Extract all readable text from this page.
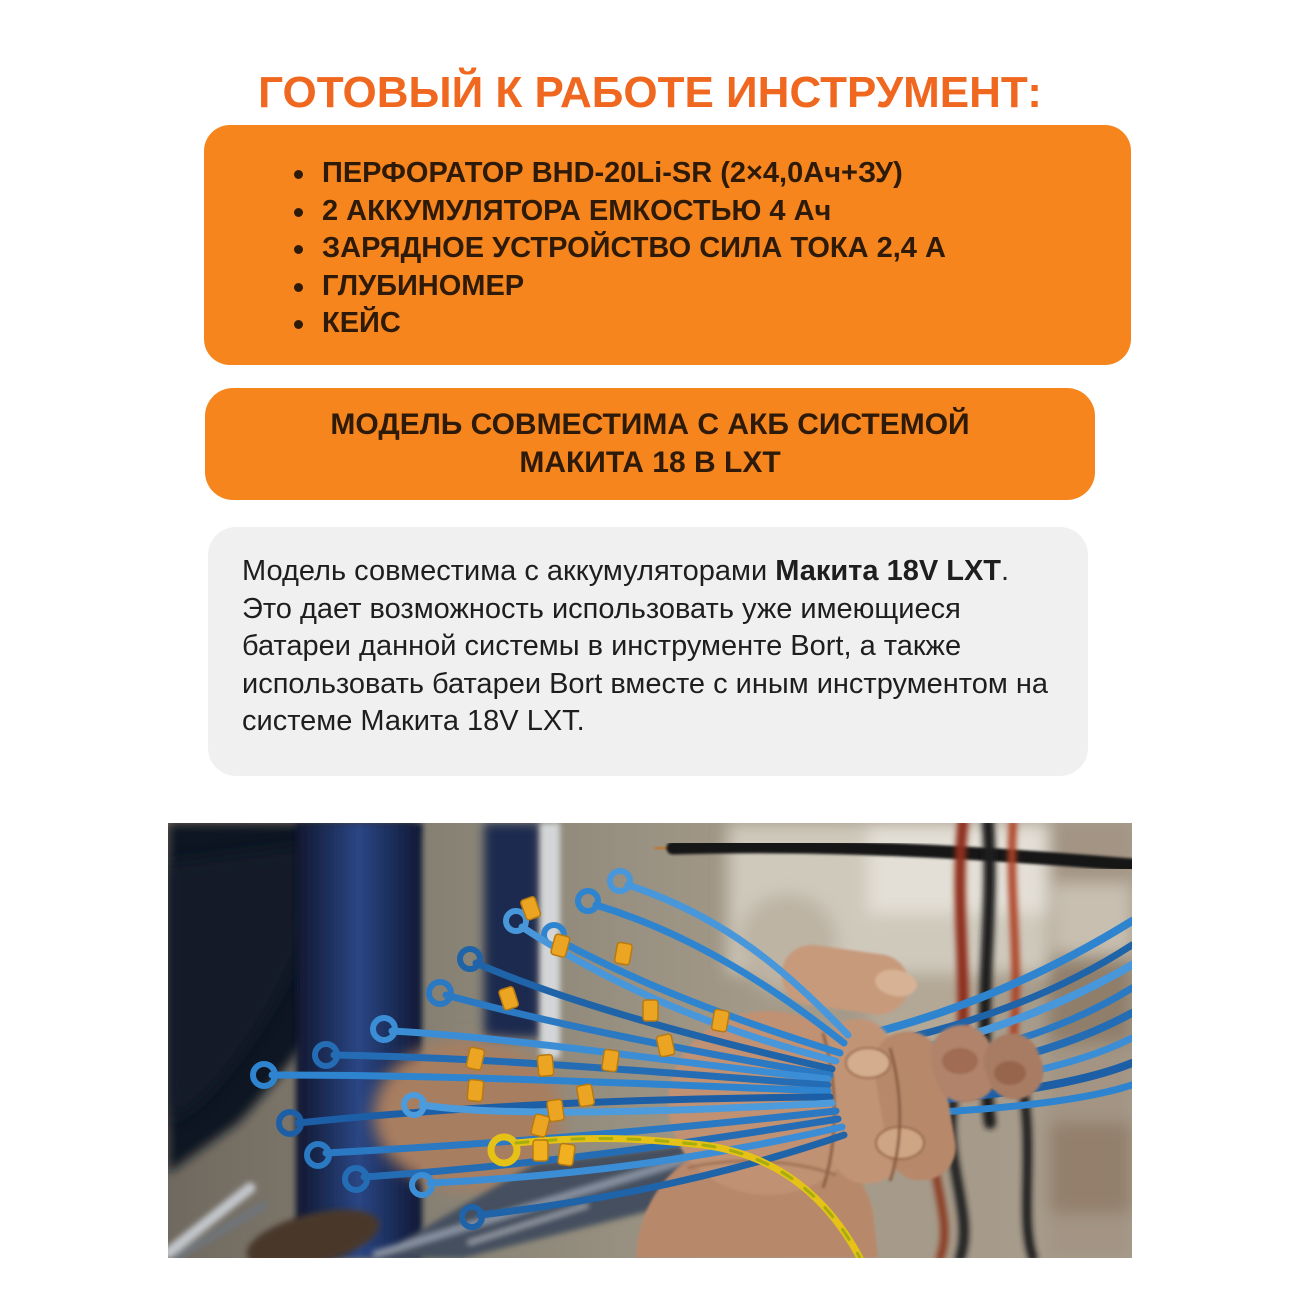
ГОТОВЫЙ К РАБОТЕ ИНСТРУМЕНТ:
ПЕРФОРАТОР BHD-20Li-SR (2×4,0Ач+ЗУ)
2 АККУМУЛЯТОРА ЕМКОСТЬЮ 4 Ач
ЗАРЯДНОЕ УСТРОЙСТВО СИЛА ТОКА 2,4 А
ГЛУБИНОМЕР
КЕЙС
МОДЕЛЬ СОВМЕСТИМА С АКБ СИСТЕМОЙ
МАКИТА 18 В LXT

Модель совместима с аккумуляторами Макита 18V LXT. Это дает возможность использовать уже имеющиеся батареи данной системы в инструменте Bort, а также использовать батареи Bort вместе с иным инструментом на системе Макита 18V LXT.
